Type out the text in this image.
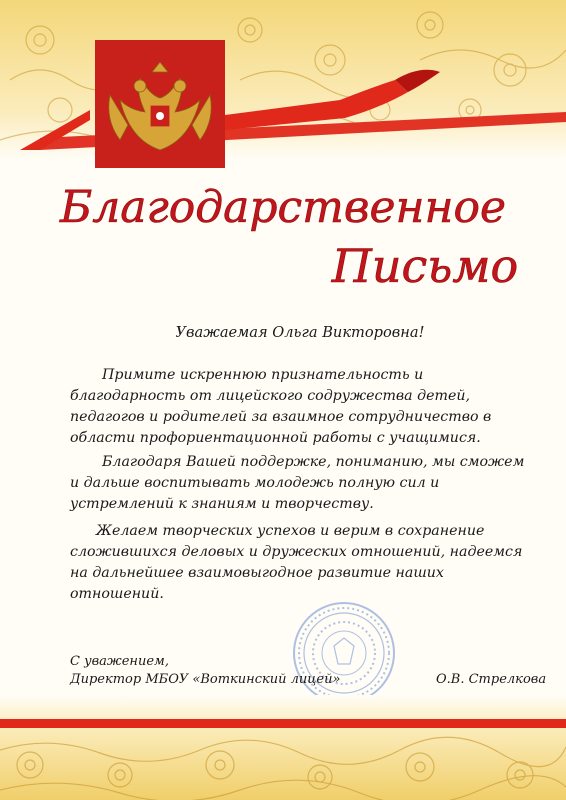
Благодарственное
Письмо
Уважаемая Ольга Викторовна!

Примите искреннюю признательность и благодарность от лицейского содружества детей, педагогов и родителей за взаимное сотрудничество в области профориентационной работы с учащимися.

Благодаря Вашей поддержке, пониманию, мы сможем и дальше воспитывать молодежь полную сил и устремлений к знаниям и творчеству.

Желаем творческих успехов и верим в сохранение сложившихся деловых и дружеских отношений, надеемся на дальнейшее взаимовыгодное развитие наших отношений.

С уважением,
Директор МБОУ «Воткинский лицей»	О.В. Стрелкова
